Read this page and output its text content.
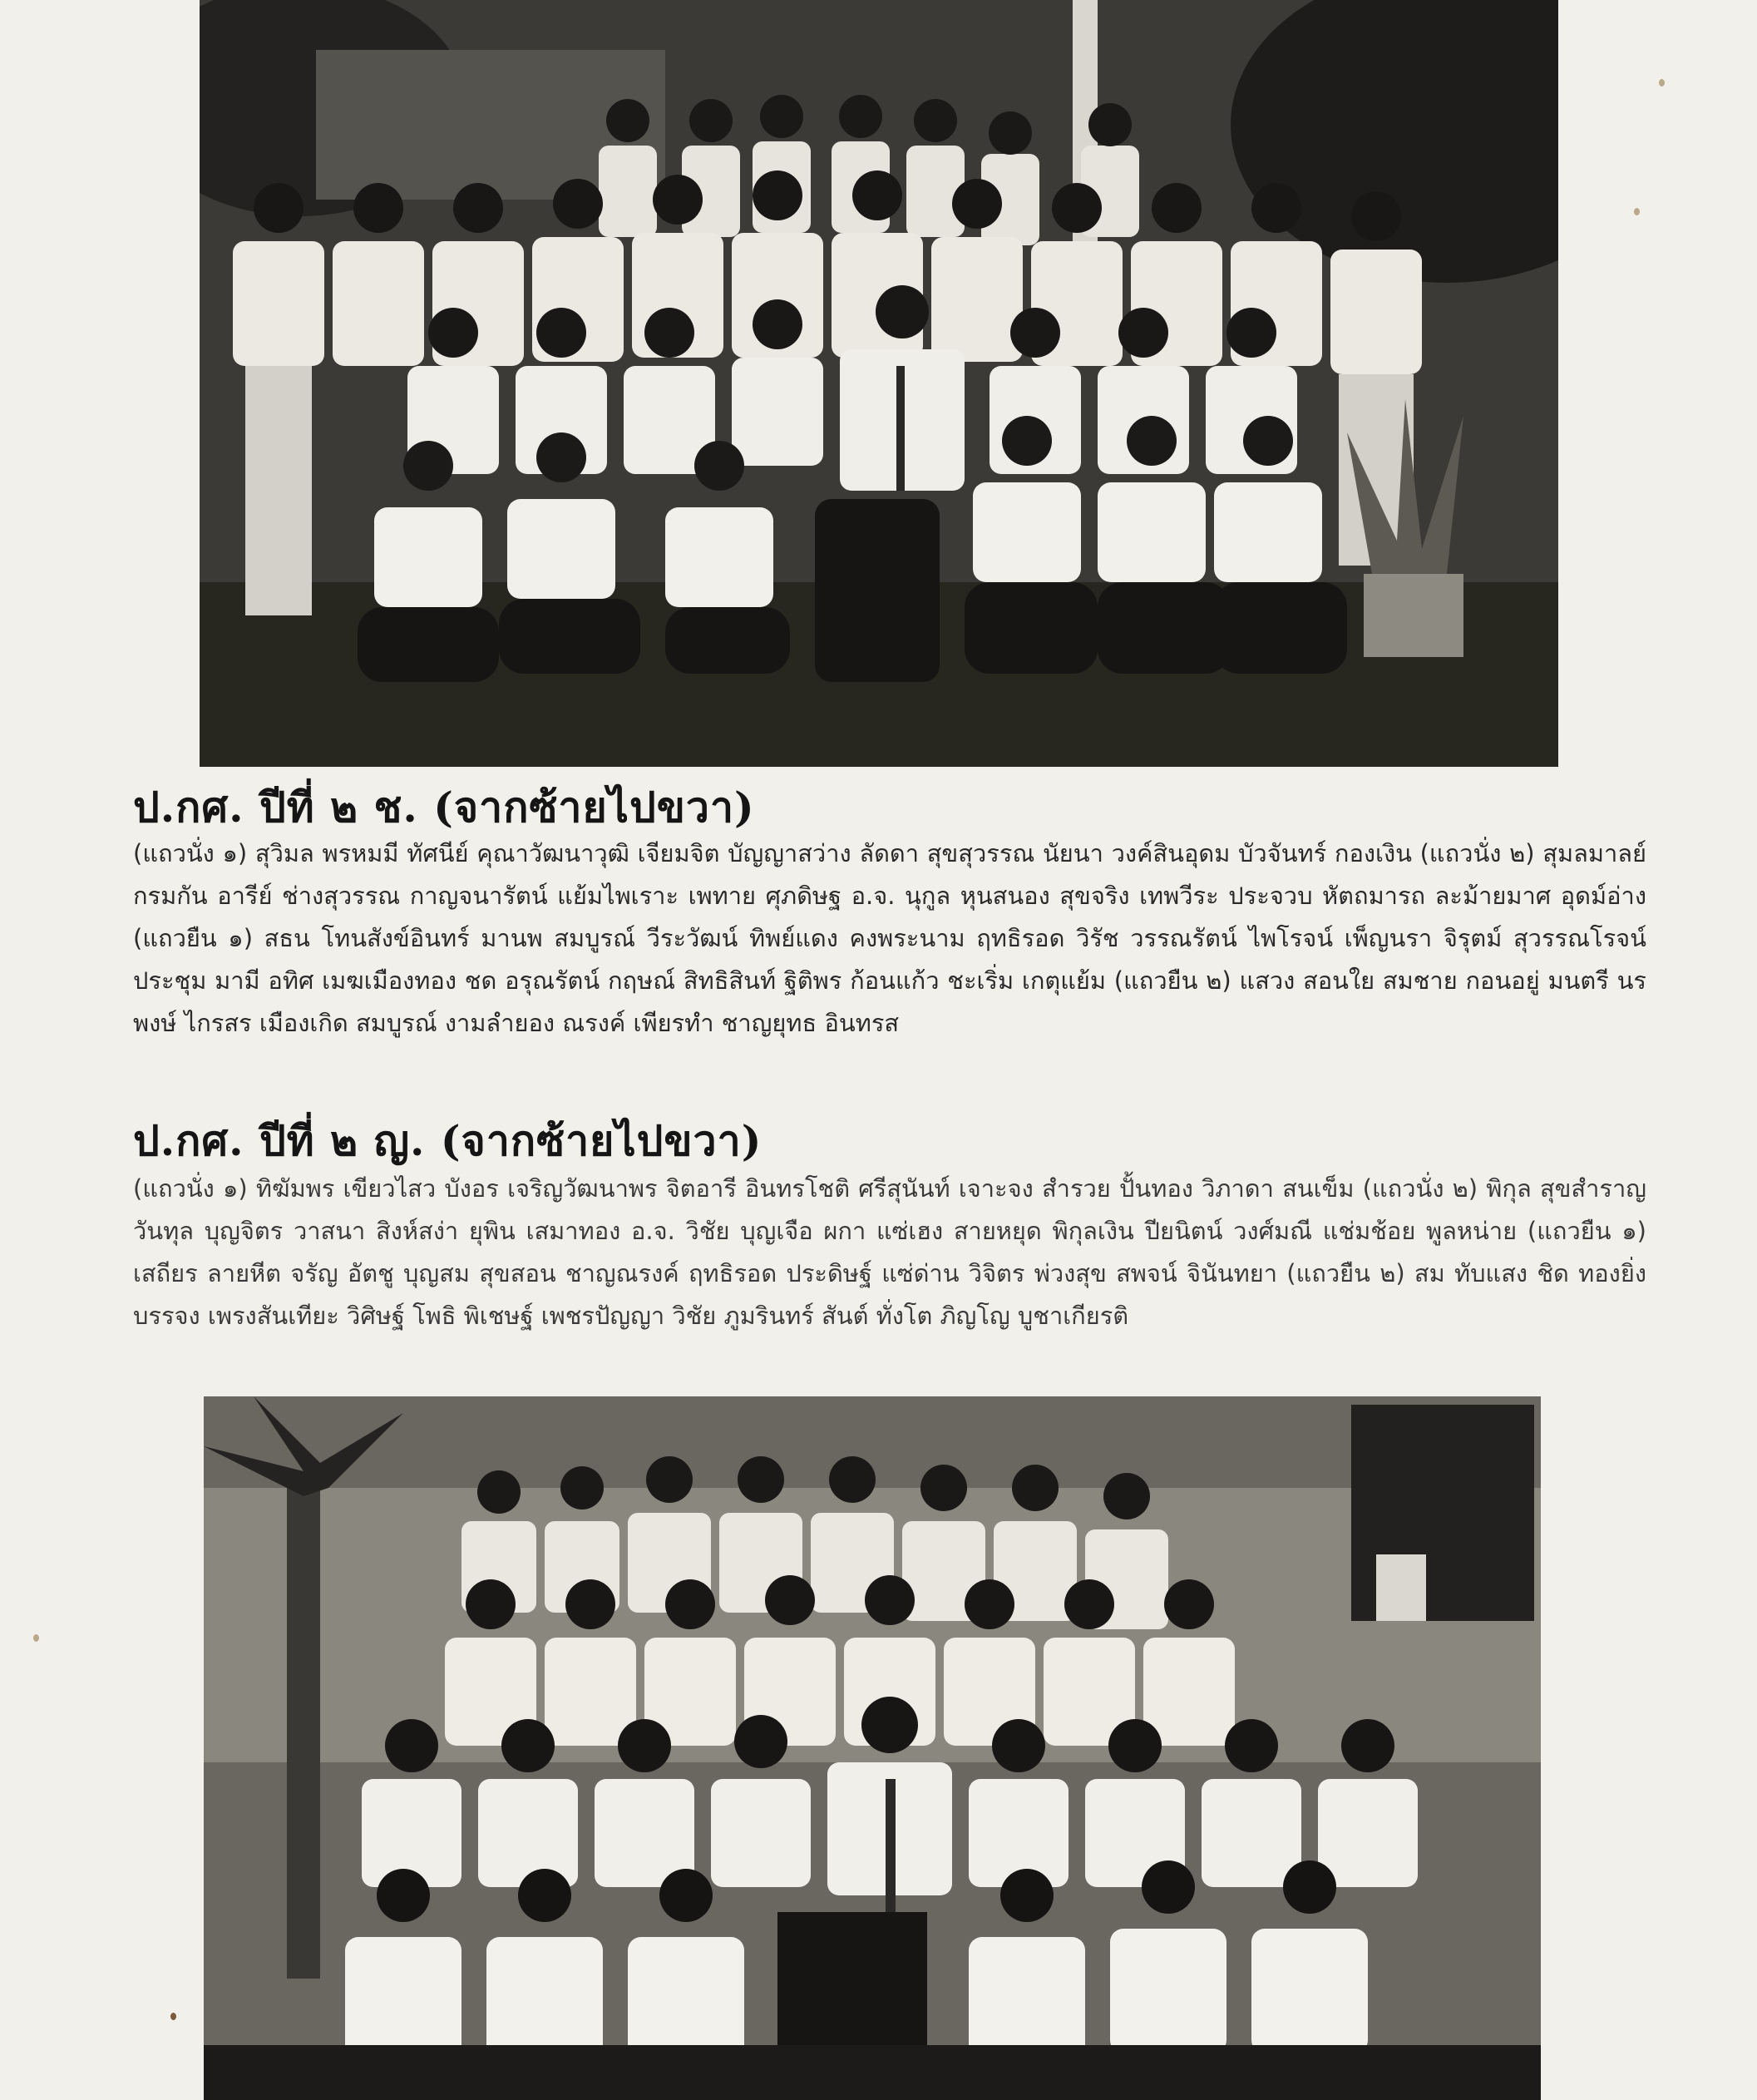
ป.กศ. ปีที่ ๒ ช. (จากซ้ายไปขวา)
(แถวนั่ง ๑) สุวิมล พรหมมี ทัศนีย์ คุณาวัฒนาวุฒิ เจียมจิต บัญญาสว่าง ลัดดา สุขสุวรรณ นัยนา วงค์สินอุดม บัวจันทร์ กองเงิน (แถวนั่ง ๒) สุมลมาลย์ กรมกัน อารีย์ ช่างสุวรรณ กาญจนารัตน์ แย้มไพเราะ เพทาย ศุภดิษฐ อ.จ. นุกูล หุนสนอง สุขจริง เทพวีระ ประจวบ หัตถมารถ ละม้ายมาศ อุดม์อ่าง (แถวยืน ๑) สธน โทนสังข์อินทร์ มานพ สมบูรณ์ วีระวัฒน์ ทิพย์แดง คงพระนาม ฤทธิรอด วิรัช วรรณรัตน์ ไพโรจน์ เพ็ญนรา จิรุตม์ สุวรรณโรจน์ ประชุม มามี อทิศ เมฆเมืองทอง ชด อรุณรัตน์ กฤษณ์ สิทธิสินท์ ฐิติพร ก้อนแก้ว ชะเริ่ม เกตุแย้ม (แถวยืน ๒) แสวง สอนใย สมชาย กอนอยู่ มนตรี นรพงษ์ ไกรสร เมืองเกิด สมบูรณ์ งามลำยอง ณรงค์ เพียรทำ ชาญยุทธ อินทรส
ป.กศ. ปีที่ ๒ ญ. (จากซ้ายไปขวา)
(แถวนั่ง ๑) ทิฆัมพร เขียวไสว บังอร เจริญวัฒนาพร จิตอารี อินทรโชติ ศรีสุนันท์ เจาะจง สำรวย ปั้นทอง วิภาดา สนเข็ม (แถวนั่ง ๒) พิกุล สุขสำราญ วันทุล บุญจิตร วาสนา สิงห์สง่า ยุพิน เสมาทอง อ.จ. วิชัย บุญเจือ ผกา แซ่เฮง สายหยุด พิกุลเงิน ปียนิตน์ วงศ์มณี แช่มช้อย พูลหน่าย (แถวยืน ๑) เสถียร ลายหีต จรัญ อัตชู บุญสม สุขสอน ชาญณรงค์ ฤทธิรอด ประดิษฐ์ แซ่ด่าน วิจิตร พ่วงสุข สพจน์ จินันทยา (แถวยืน ๒) สม ทับแสง ชิด ทองยิ่ง บรรจง เพรงสันเทียะ วิศิษฐ์ โพธิ พิเชษฐ์ เพชรปัญญา วิชัย ภูมรินทร์ สันต์ ทั่งโต ภิญโญ บูชาเกียรติ
